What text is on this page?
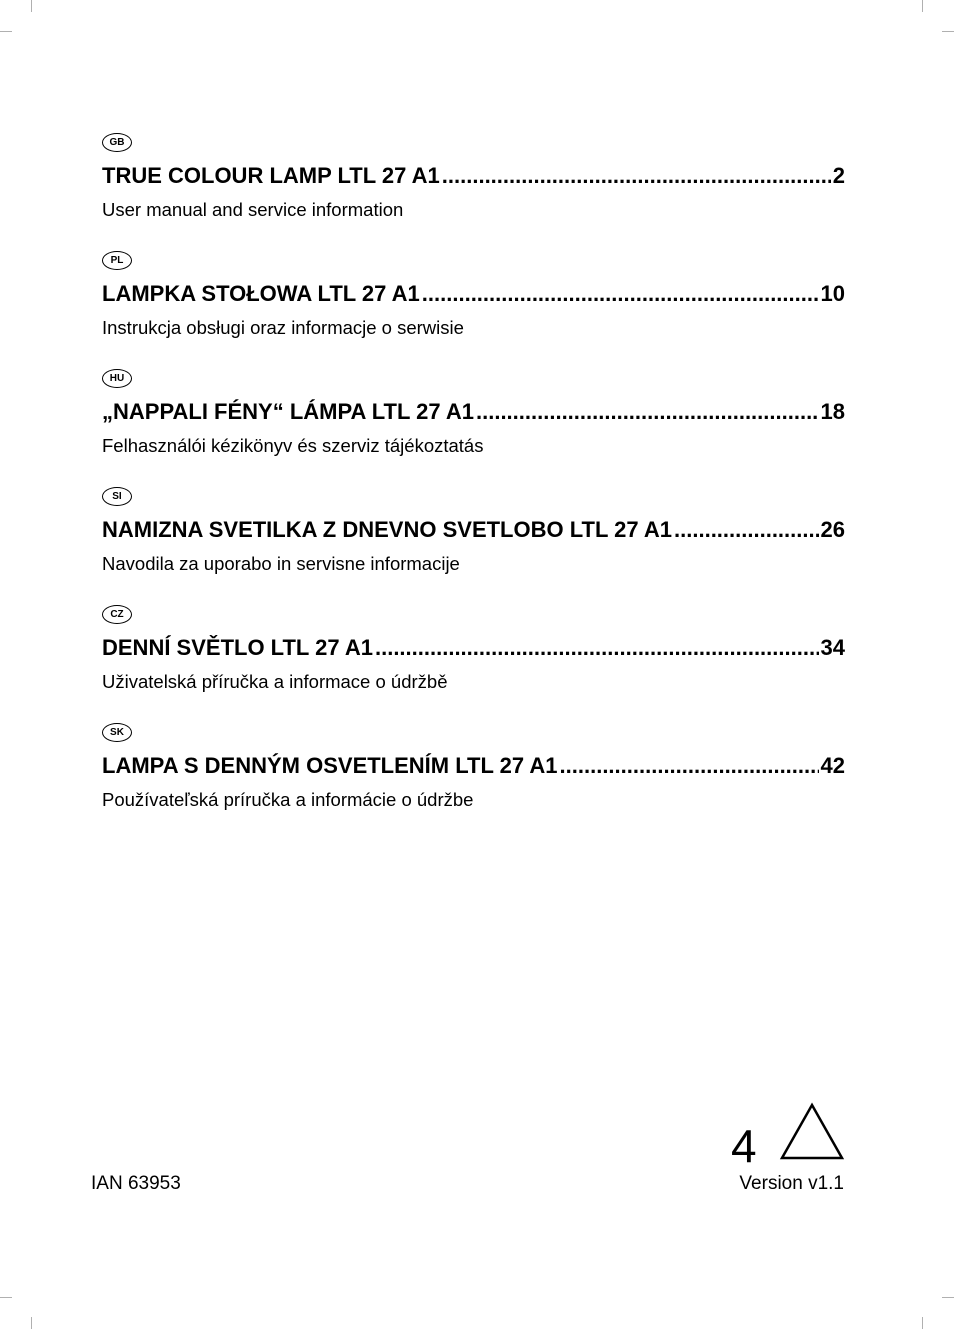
GB
TRUE COLOUR LAMP LTL 27 A1 .....	2
User manual and service information
PL
LAMPKA STOŁOWA LTL 27 A1 .....	10
Instrukcja obsługi oraz informacje o serwisie
HU
„NAPPALI FÉNY“ LÁMPA LTL 27 A1 .....	18
Felhasználói kézikönyv és szerviz tájékoztatás
SI
NAMIZNA SVETILKA Z DNEVNO SVETLOBO LTL 27 A1 .....	26
Navodila za uporabo in servisne informacije
CZ
DENNÍ SVĚTLO LTL 27 A1 .....	34
Uživatelská příručka a informace o údržbě
SK
LAMPA S DENNÝM OSVETLENÍM LTL 27 A1 .....	42
Používateľská príručka a informácie o údržbe
4
IAN 63953	Version v1.1
